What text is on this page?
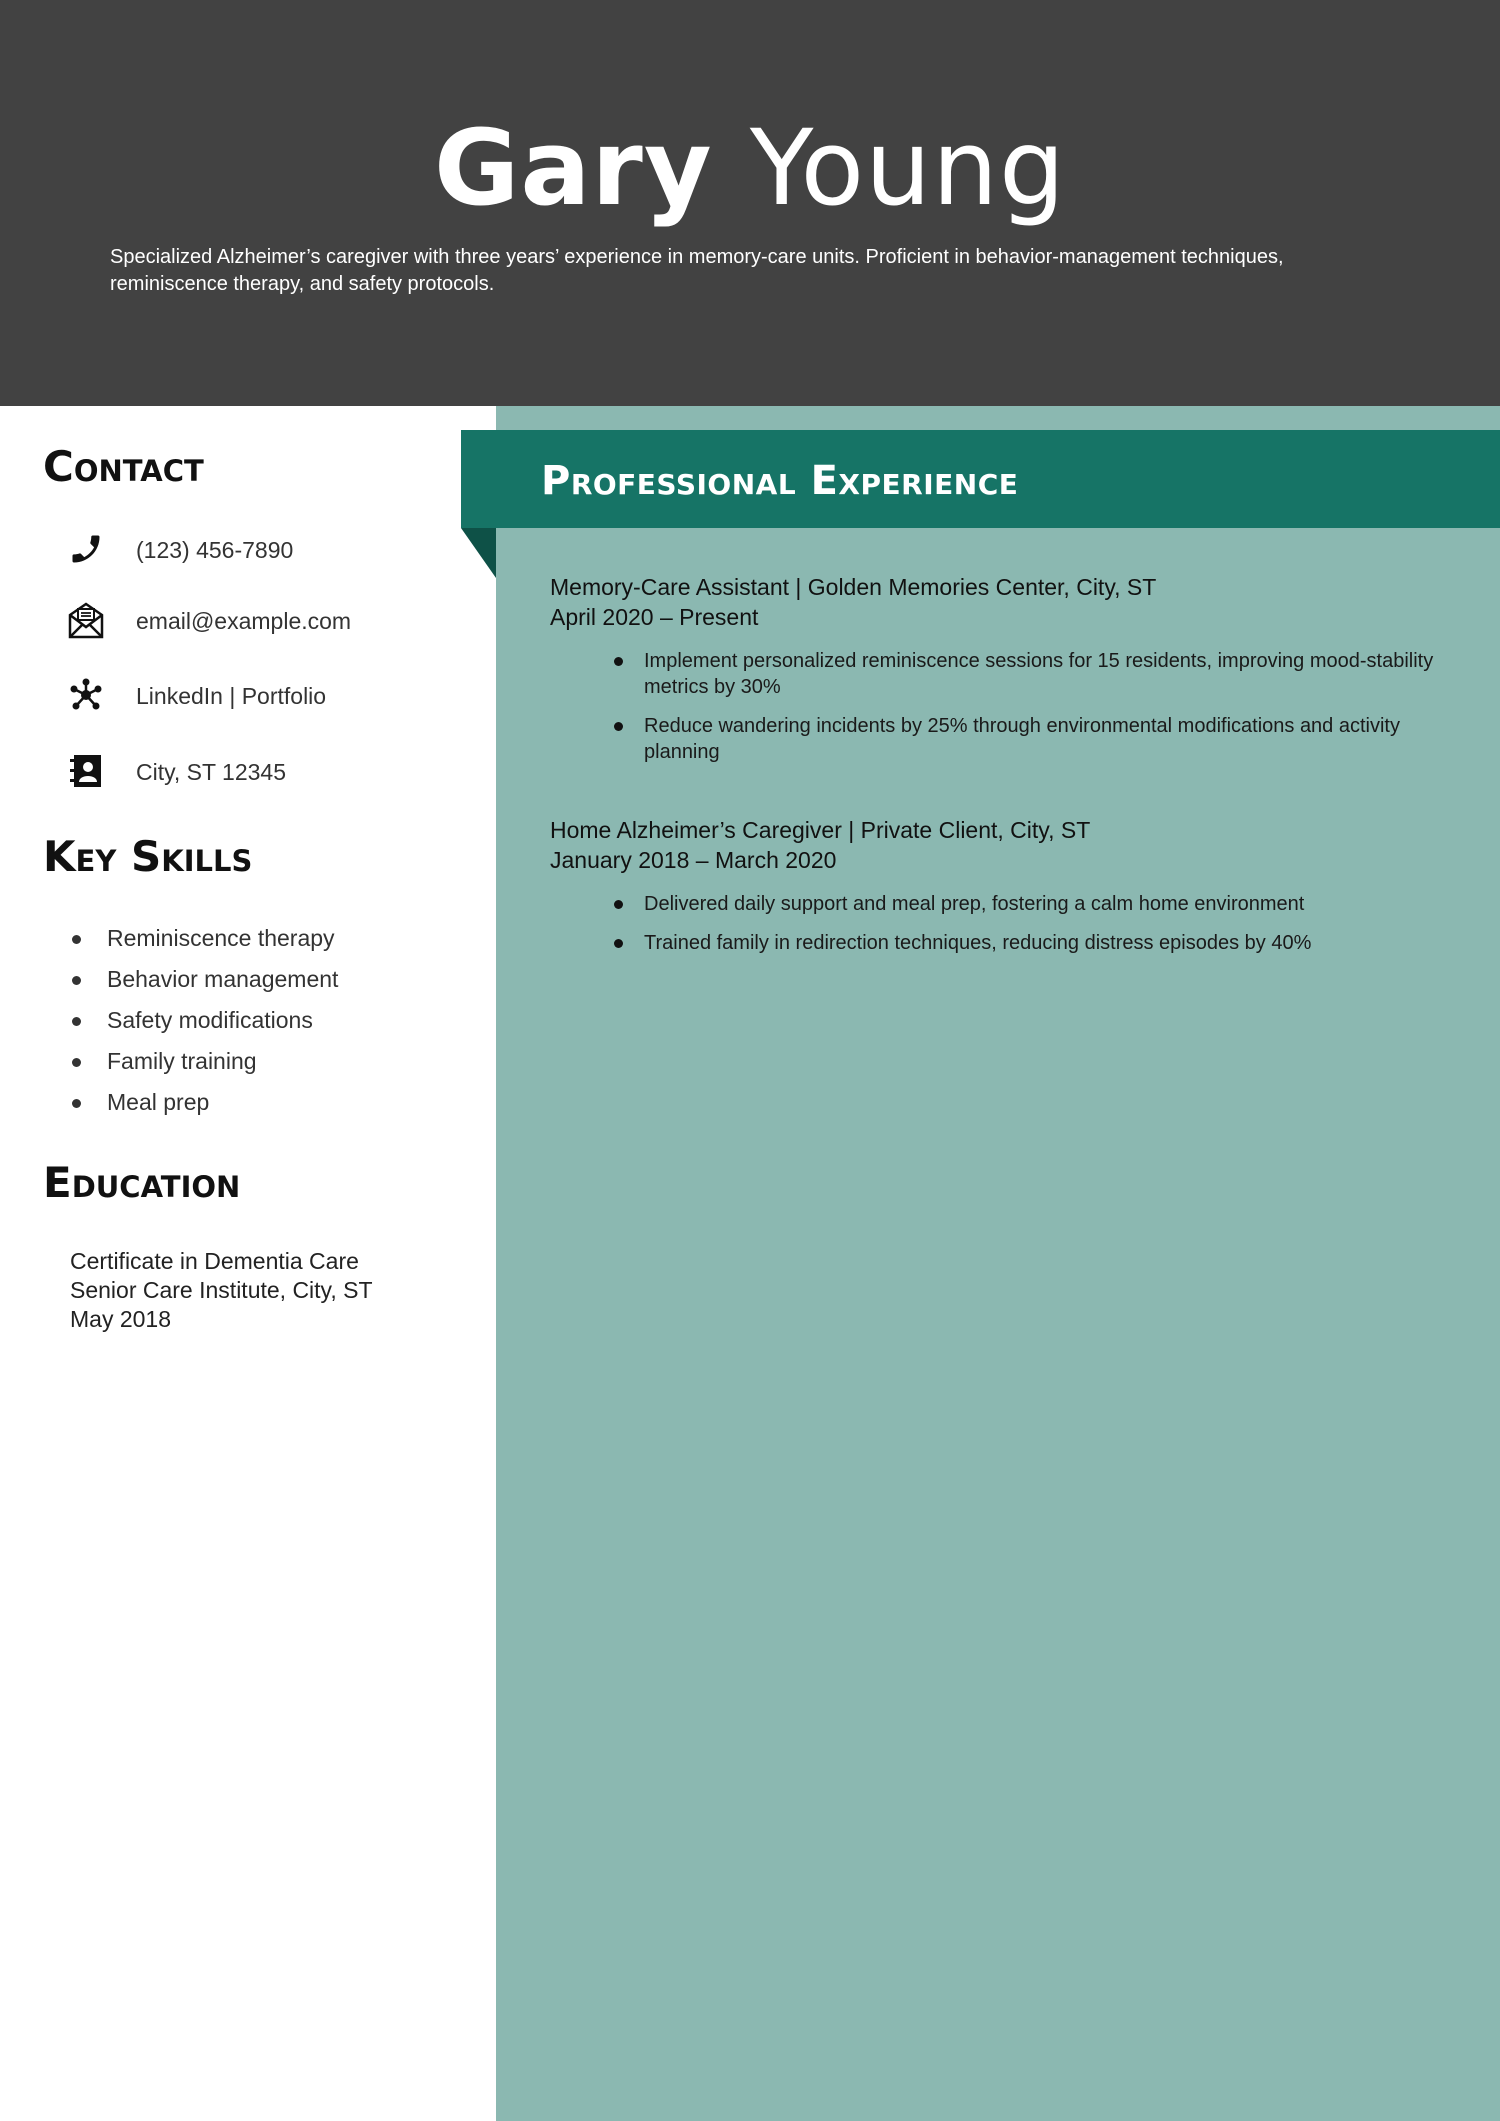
Gary Young

Specialized Alzheimer’s caregiver with three years’ experience in memory-care units. Proficient in behavior-management techniques, reminiscence therapy, and safety protocols.

Professional Experience
Contact
(123) 456-7890
email@example.com
LinkedIn | Portfolio
City, ST 12345
Key Skills
Reminiscence therapy
Behavior management
Safety modifications
Family training
Meal prep
Education
Certificate in Dementia Care
Senior Care Institute, City, ST
May 2018
Memory-Care Assistant | Golden Memories Center, City, ST
April 2020 – Present
Implement personalized reminiscence sessions for 15 residents, improving mood-stability metrics by 30%
Reduce wandering incidents by 25% through environmental modifications and activity planning
Home Alzheimer’s Caregiver | Private Client, City, ST
January 2018 – March 2020
Delivered daily support and meal prep, fostering a calm home environment
Trained family in redirection techniques, reducing distress episodes by 40%
